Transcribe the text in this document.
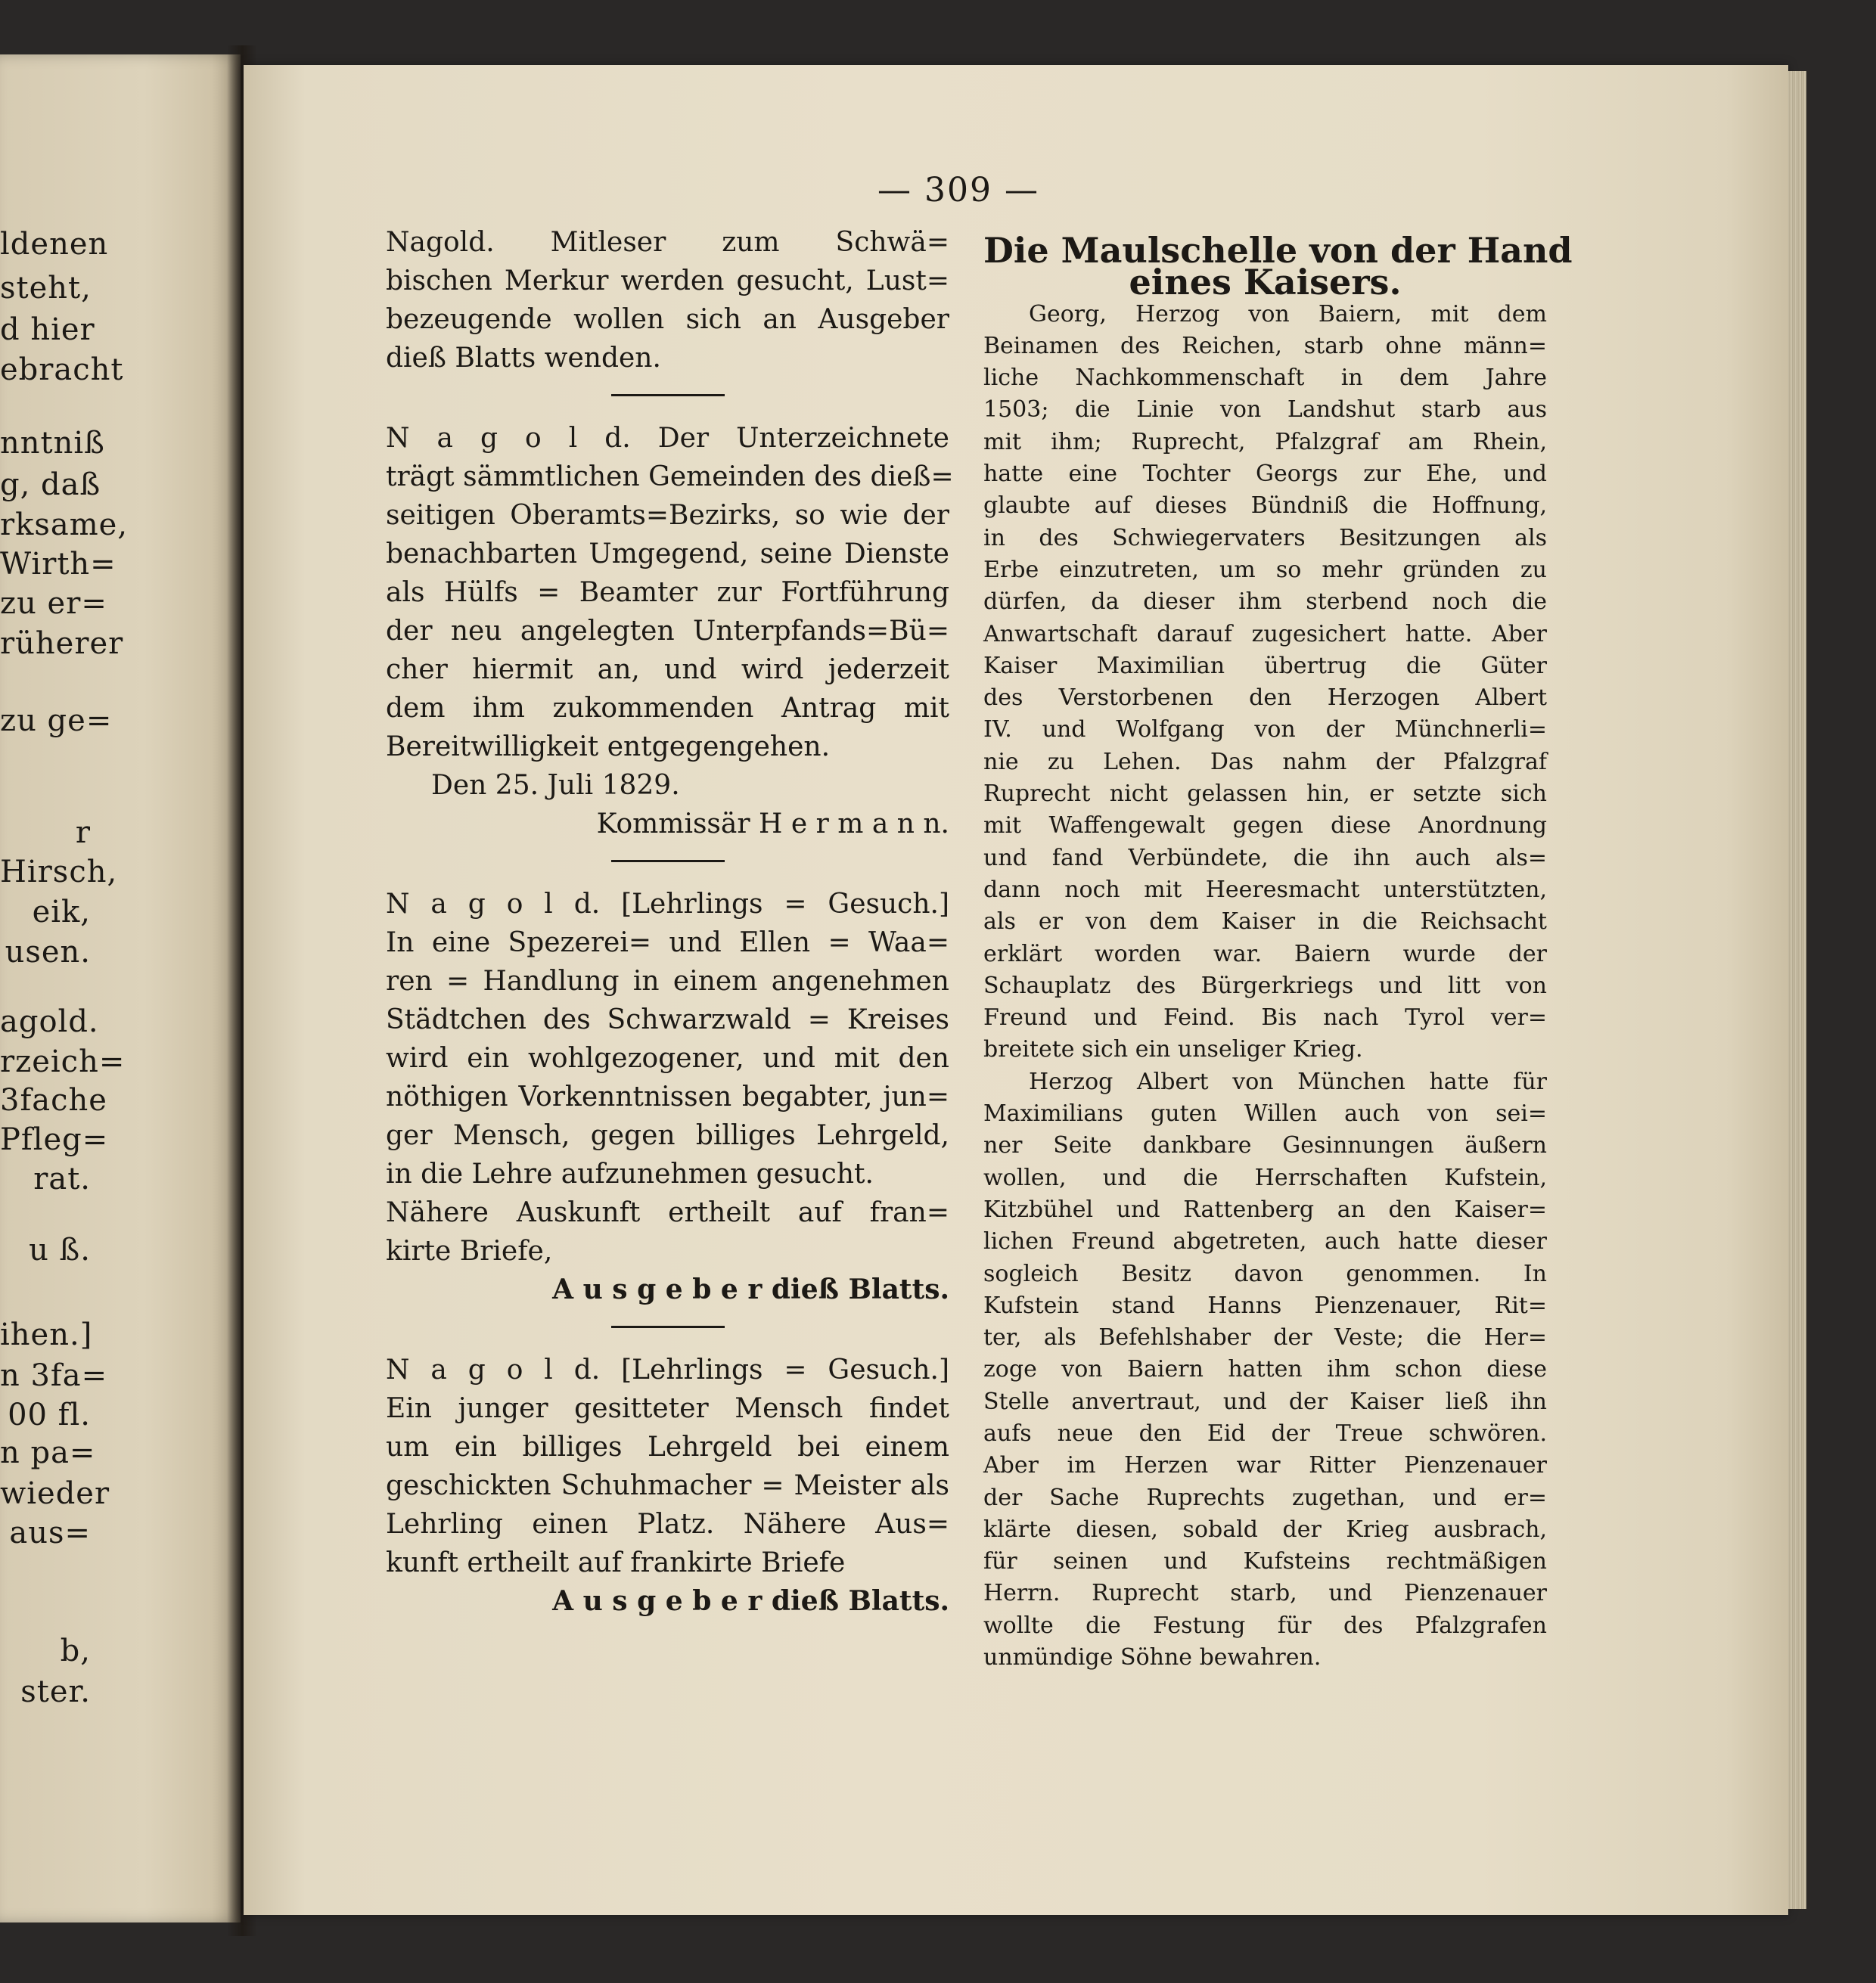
ldenen
steht,
d hier
ebracht
nntniß
g, daß
rksame,
Wirth=
zu er=
rüherer
zu ge=
r
Hirsch,
eik,
usen.
agold.
rzeich=
3fache
Pfleg=
rat.
u ß.
ihen.]
n 3fa=
00 fl.
n pa=
wieder
aus=
b,
ster.
— 309 —
Nagold. Mitleser zum Schwä=
bischen Merkur werden gesucht, Lust=
bezeugende wollen sich an Ausgeber
dieß Blatts wenden.
N a g o l d. Der Unterzeichnete
trägt sämmtlichen Gemeinden des dieß=
seitigen Oberamts=Bezirks, so wie der
benachbarten Umgegend, seine Dienste
als Hülfs = Beamter zur Fortführung
der neu angelegten Unterpfands=Bü=
cher hiermit an, und wird jederzeit
dem ihm zukommenden Antrag mit
Bereitwilligkeit entgegengehen.
Den 25. Juli 1829.
Kommissär H e r m a n n.
N a g o l d. [Lehrlings = Gesuch.]
In eine Spezerei= und Ellen = Waa=
ren = Handlung in einem angenehmen
Städtchen des Schwarzwald = Kreises
wird ein wohlgezogener, und mit den
nöthigen Vorkenntnissen begabter, jun=
ger Mensch, gegen billiges Lehrgeld,
in die Lehre aufzunehmen gesucht.
Nähere Auskunft ertheilt auf fran=
kirte Briefe,
A u s g e b e r dieß Blatts.
N a g o l d. [Lehrlings = Gesuch.]
Ein junger gesitteter Mensch findet
um ein billiges Lehrgeld bei einem
geschickten Schuhmacher = Meister als
Lehrling einen Platz. Nähere Aus=
kunft ertheilt auf frankirte Briefe
A u s g e b e r dieß Blatts.
Die Maulschelle von der Hand
eines Kaisers.
Georg, Herzog von Baiern, mit dem
Beinamen des Reichen, starb ohne männ=
liche Nachkommenschaft in dem Jahre
1503; die Linie von Landshut starb aus
mit ihm; Ruprecht, Pfalzgraf am Rhein,
hatte eine Tochter Georgs zur Ehe, und
glaubte auf dieses Bündniß die Hoffnung,
in des Schwiegervaters Besitzungen als
Erbe einzutreten, um so mehr gründen zu
dürfen, da dieser ihm sterbend noch die
Anwartschaft darauf zugesichert hatte. Aber
Kaiser Maximilian übertrug die Güter
des Verstorbenen den Herzogen Albert
IV. und Wolfgang von der Münchnerli=
nie zu Lehen. Das nahm der Pfalzgraf
Ruprecht nicht gelassen hin, er setzte sich
mit Waffengewalt gegen diese Anordnung
und fand Verbündete, die ihn auch als=
dann noch mit Heeresmacht unterstützten,
als er von dem Kaiser in die Reichsacht
erklärt worden war. Baiern wurde der
Schauplatz des Bürgerkriegs und litt von
Freund und Feind. Bis nach Tyrol ver=
breitete sich ein unseliger Krieg.
Herzog Albert von München hatte für
Maximilians guten Willen auch von sei=
ner Seite dankbare Gesinnungen äußern
wollen, und die Herrschaften Kufstein,
Kitzbühel und Rattenberg an den Kaiser=
lichen Freund abgetreten, auch hatte dieser
sogleich Besitz davon genommen. In
Kufstein stand Hanns Pienzenauer, Rit=
ter, als Befehlshaber der Veste; die Her=
zoge von Baiern hatten ihm schon diese
Stelle anvertraut, und der Kaiser ließ ihn
aufs neue den Eid der Treue schwören.
Aber im Herzen war Ritter Pienzenauer
der Sache Ruprechts zugethan, und er=
klärte diesen, sobald der Krieg ausbrach,
für seinen und Kufsteins rechtmäßigen
Herrn. Ruprecht starb, und Pienzenauer
wollte die Festung für des Pfalzgrafen
unmündige Söhne bewahren.
